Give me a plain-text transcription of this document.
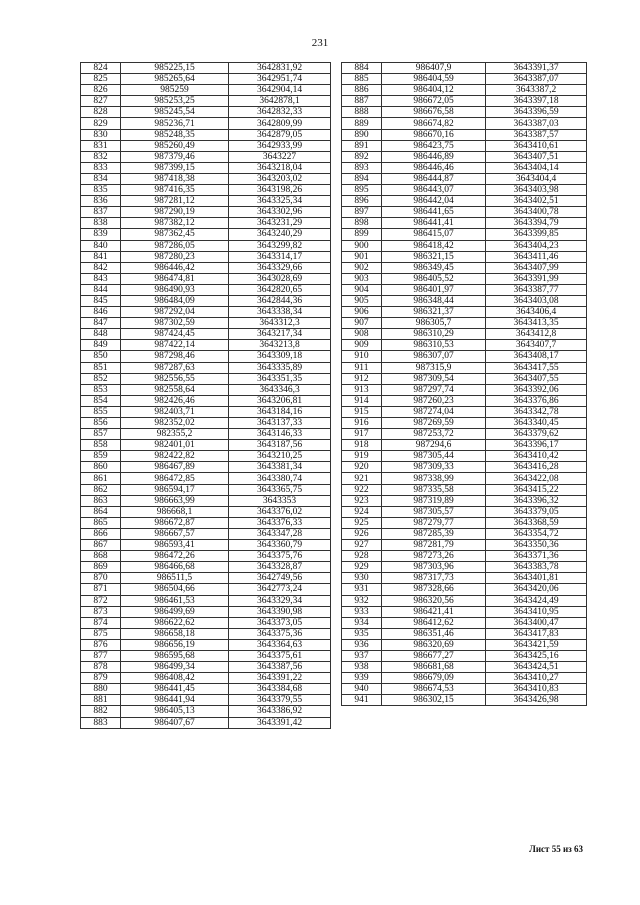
231
824	985225,15	3642831,92
825	985265,64	3642951,74
826	985259	3642904,14
827	985253,25	3642878,1
828	985245,54	3642832,33
829	985236,71	3642809,99
830	985248,35	3642879,05
831	985260,49	3642933,99
832	987379,46	3643227
833	987399,15	3643218,04
834	987418,38	3643203,02
835	987416,35	3643198,26
836	987281,12	3643325,34
837	987290,19	3643302,96
838	987382,12	3643231,29
839	987362,45	3643240,29
840	987286,05	3643299,82
841	987280,23	3643314,17
842	986446,42	3643329,66
843	986474,81	3643028,69
844	986490,93	3642820,65
845	986484,09	3642844,36
846	987292,04	3643338,34
847	987302,59	3643312,3
848	987424,45	3643217,34
849	987422,14	3643213,8
850	987298,46	3643309,18
851	987287,63	3643335,89
852	982556,55	3643351,35
853	982558,64	3643346,3
854	982426,46	3643206,81
855	982403,71	3643184,16
856	982352,02	3643137,33
857	982355,2	3643146,33
858	982401,01	3643187,56
859	982422,82	3643210,25
860	986467,89	3643381,34
861	986472,85	3643380,74
862	986594,17	3643365,75
863	986663,99	3643353
864	986668,1	3643376,02
865	986672,87	3643376,33
866	986667,57	3643347,28
867	986593,41	3643360,79
868	986472,26	3643375,76
869	986466,68	3643328,87
870	986511,5	3642749,56
871	986504,66	3642773,24
872	986461,53	3643329,34
873	986499,69	3643390,98
874	986622,62	3643373,05
875	986658,18	3643375,36
876	986656,19	3643364,63
877	986595,68	3643375,61
878	986499,34	3643387,56
879	986408,42	3643391,22
880	986441,45	3643384,68
881	986441,94	3643379,55
882	986405,13	3643386,92
883	986407,67	3643391,42
884	986407,9	3643391,37
885	986404,59	3643387,07
886	986404,12	3643387,2
887	986672,05	3643397,18
888	986676,58	3643396,59
889	986674,82	3643387,03
890	986670,16	3643387,57
891	986423,75	3643410,61
892	986446,89	3643407,51
893	986446,46	3643404,14
894	986444,87	3643404,4
895	986443,07	3643403,98
896	986442,04	3643402,51
897	986441,65	3643400,78
898	986441,41	3643394,79
899	986415,07	3643399,85
900	986418,42	3643404,23
901	986321,15	3643411,46
902	986349,45	3643407,99
903	986405,52	3643391,99
904	986401,97	3643387,77
905	986348,44	3643403,08
906	986321,37	3643406,4
907	986305,7	3643413,35
908	986310,29	3643412,8
909	986310,53	3643407,7
910	986307,07	3643408,17
911	987315,9	3643417,55
912	987309,54	3643407,55
913	987297,74	3643392,06
914	987260,23	3643376,86
915	987274,04	3643342,78
916	987269,59	3643340,45
917	987253,72	3643379,62
918	987294,6	3643396,17
919	987305,44	3643410,42
920	987309,33	3643416,28
921	987338,99	3643422,08
922	987335,58	3643415,22
923	987319,89	3643396,32
924	987305,57	3643379,05
925	987279,77	3643368,59
926	987285,39	3643354,72
927	987281,79	3643350,36
928	987273,26	3643371,36
929	987303,96	3643383,78
930	987317,73	3643401,81
931	987328,66	3643420,06
932	986320,56	3643424,49
933	986421,41	3643410,95
934	986412,62	3643400,47
935	986351,46	3643417,83
936	986320,69	3643421,59
937	986677,27	3643425,16
938	986681,68	3643424,51
939	986679,09	3643410,27
940	986674,53	3643410,83
941	986302,15	3643426,98
Лист 55 из 63
